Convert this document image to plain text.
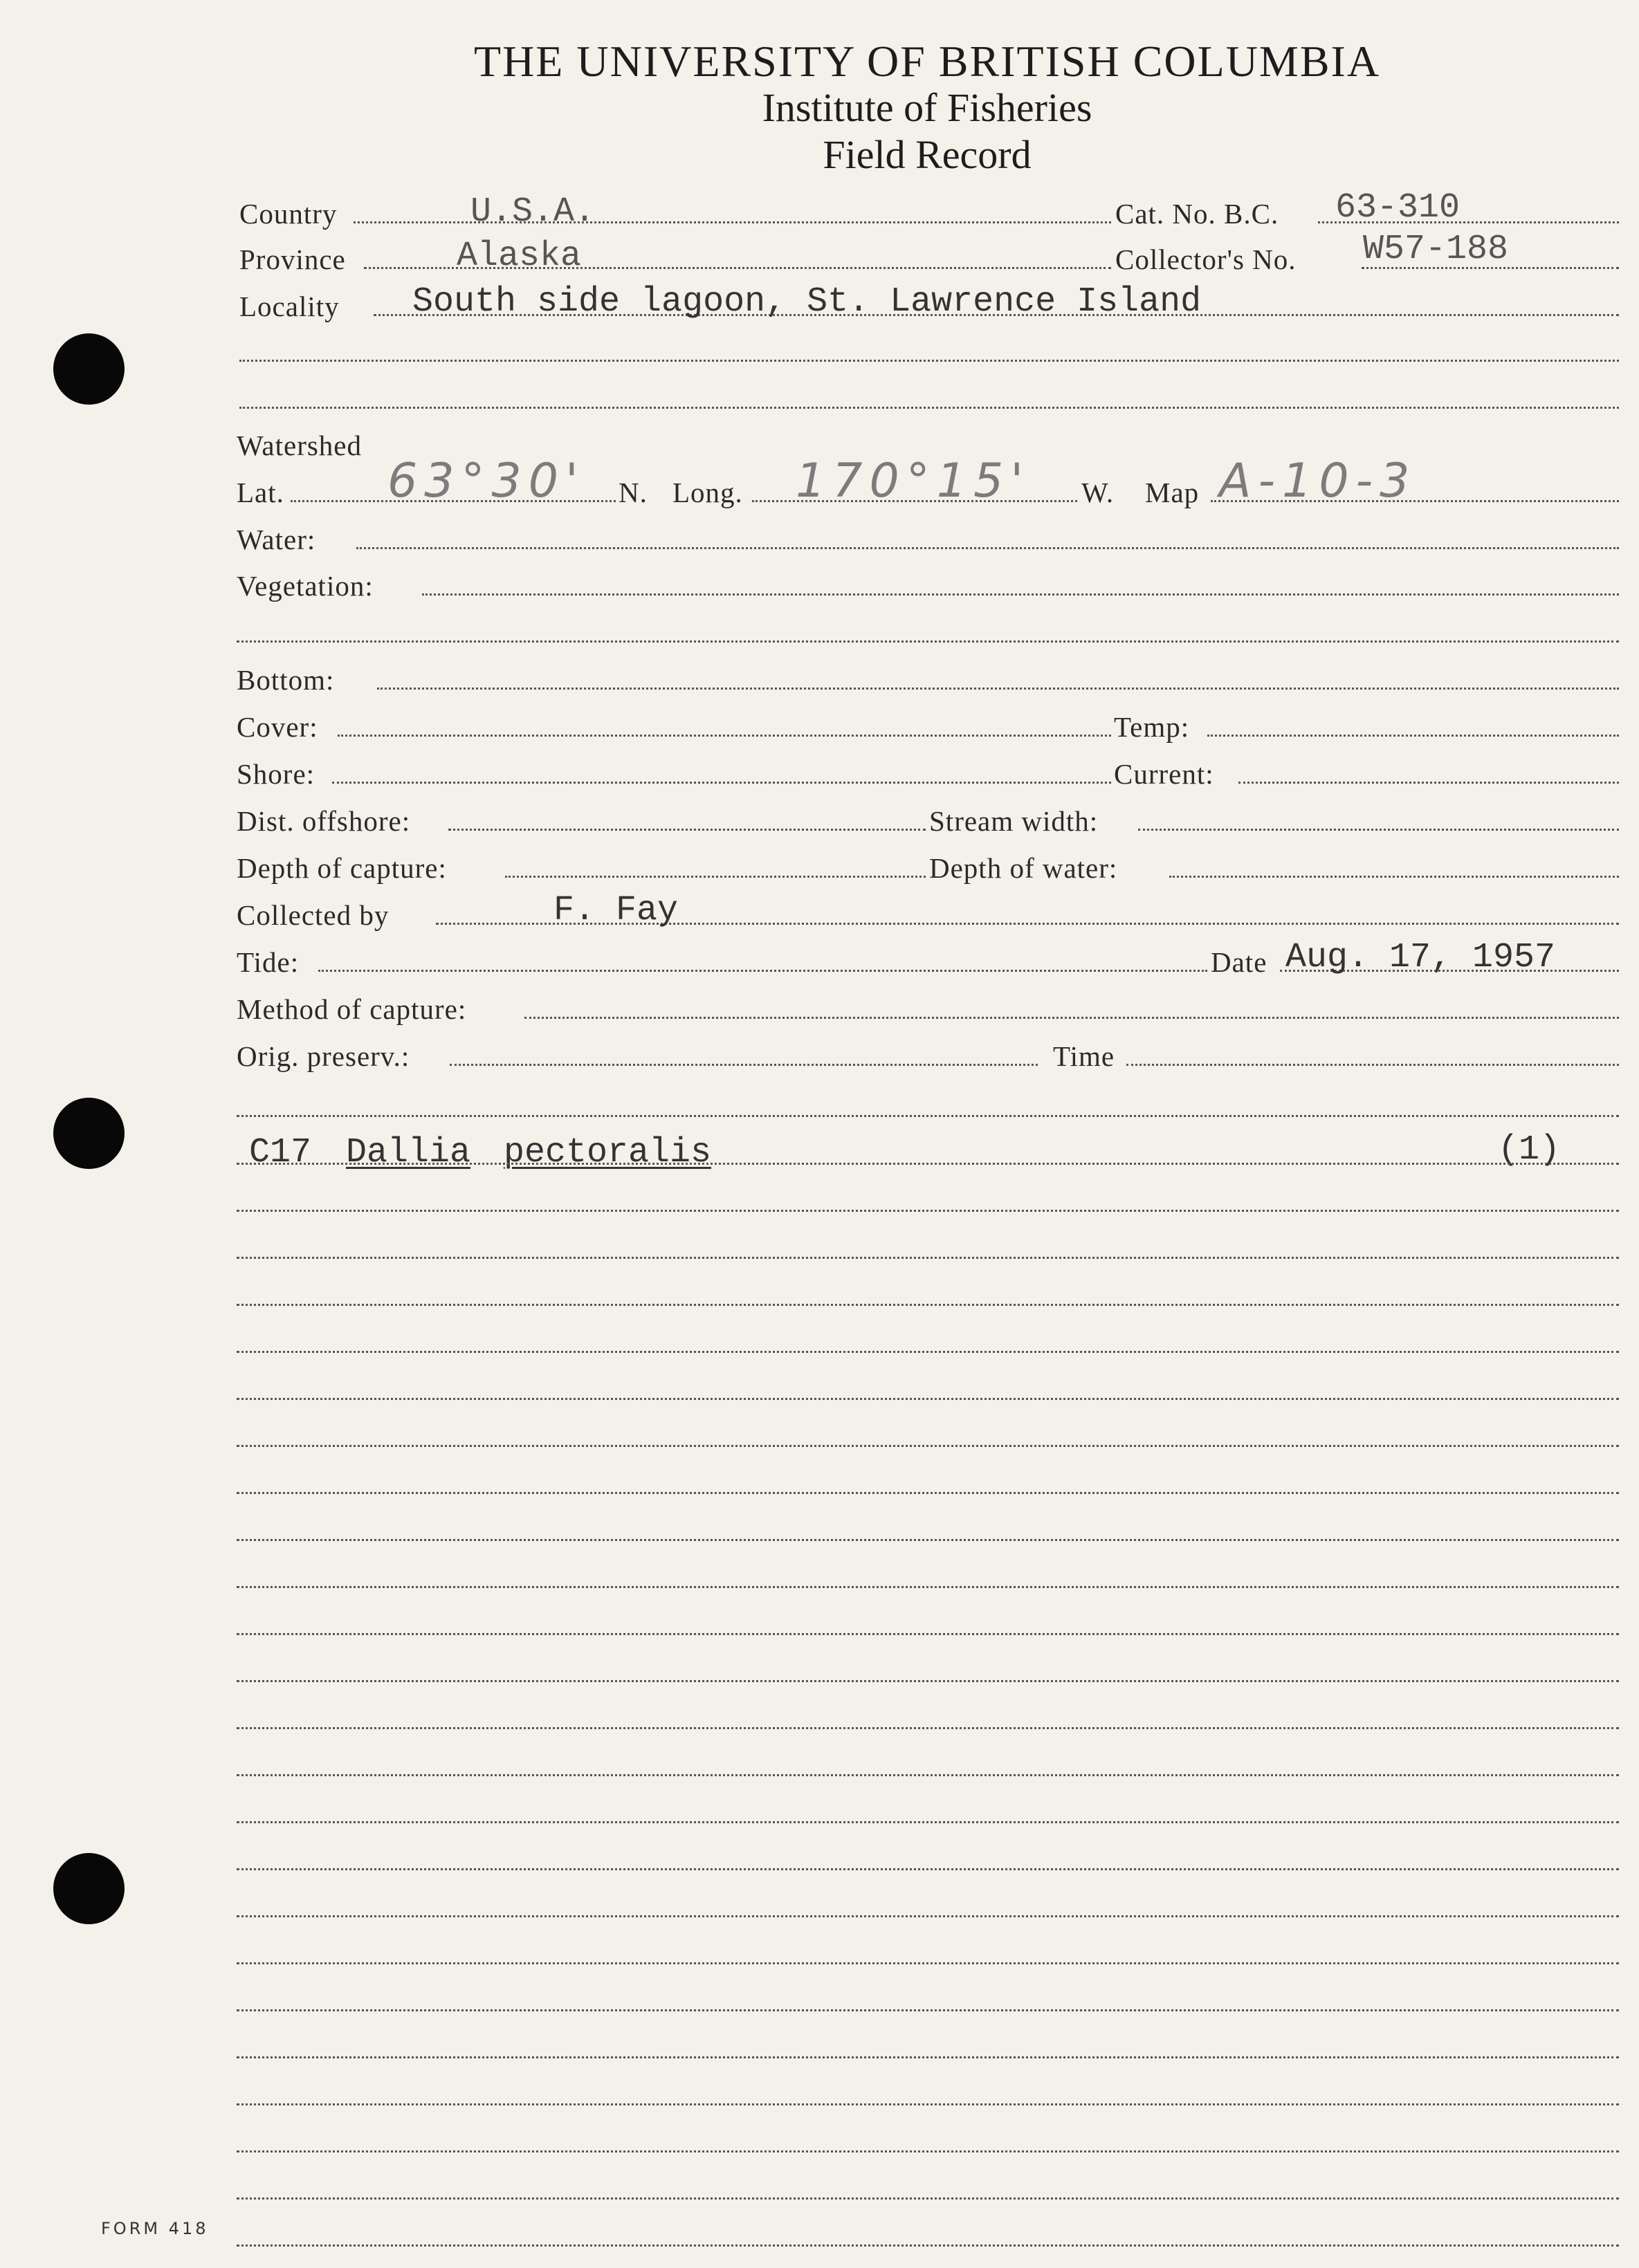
THE UNIVERSITY OF BRITISH COLUMBIA
Institute of Fisheries
Field Record
Country	U.S.A.	Cat. No. B.C. 63-310
Province	Alaska	Collector's No. W57-188
Locality South side lagoon, St. Lawrence Island
Watershed
Lat. 63°30' N. Long. 170°15' W. Map A-10-3
Water:
Vegetation:
Bottom:
Cover:	Temp:
Shore:	Current:
Dist. offshore:	Stream width:
Depth of capture:	Depth of water:
Collected by	F. Fay
Tide:	Date Aug. 17, 1957
Method of capture:
Orig. preserv.:	Time
C17 Dallia pectoralis	(1)
FORM 418
